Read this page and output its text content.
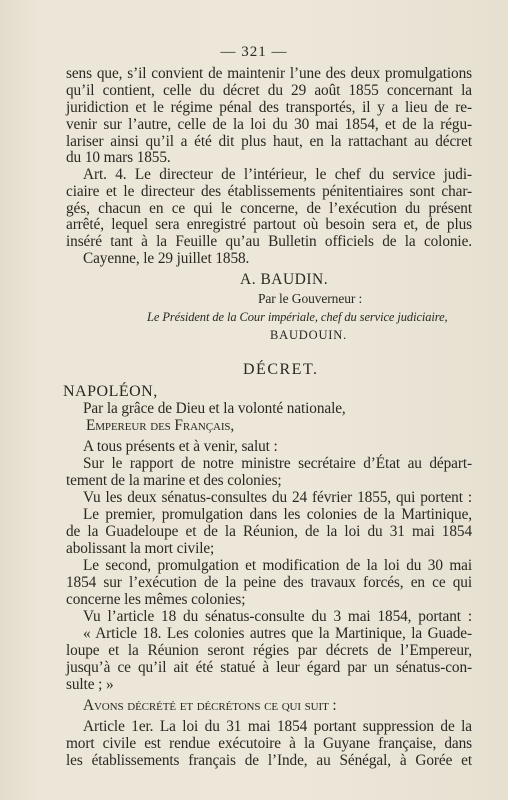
— 321 —
sens que, s’il convient de maintenir l’une des deux promulgations
qu’il contient, celle du décret du 29 août 1855 concernant la
juridiction et le régime pénal des transportés, il y a lieu de re-
venir sur l’autre, celle de la loi du 30 mai 1854, et de la régu-
lariser ainsi qu’il a été dit plus haut, en la rattachant au décret
du 10 mars 1855.
Art. 4. Le directeur de l’intérieur, le chef du service judi-
ciaire et le directeur des établissements pénitentiaires sont char-
gés, chacun en ce qui le concerne, de l’exécution du présent
arrêté, lequel sera enregistré partout où besoin sera et, de plus
inséré tant à la Feuille qu’au Bulletin officiels de la colonie.
Cayenne, le 29 juillet 1858.
A. BAUDIN.
Par le Gouverneur :
Le Président de la Cour impériale, chef du service judiciaire,
BAUDOUIN.
DÉCRET.
NAPOLÉON,
Par la grâce de Dieu et la volonté nationale,
Empereur des Français,
A tous présents et à venir, salut :
Sur le rapport de notre ministre secrétaire d’État au départ-
tement de la marine et des colonies;
Vu les deux sénatus-consultes du 24 février 1855, qui portent :
Le premier, promulgation dans les colonies de la Martinique,
de la Guadeloupe et de la Réunion, de la loi du 31 mai 1854
abolissant la mort civile;
Le second, promulgation et modification de la loi du 30 mai
1854 sur l’exécution de la peine des travaux forcés, en ce qui
concerne les mêmes colonies;
Vu l’article 18 du sénatus-consulte du 3 mai 1854, portant :
« Article 18. Les colonies autres que la Martinique, la Guade-
loupe et la Réunion seront régies par décrets de l’Empereur,
jusqu’à ce qu’il ait été statué à leur égard par un sénatus-con-
sulte ; »
Avons décrété et décrétons ce qui suit :
Article 1er. La loi du 31 mai 1854 portant suppression de la
mort civile est rendue exécutoire à la Guyane française, dans
les établissements français de l’Inde, au Sénégal, à Gorée et
